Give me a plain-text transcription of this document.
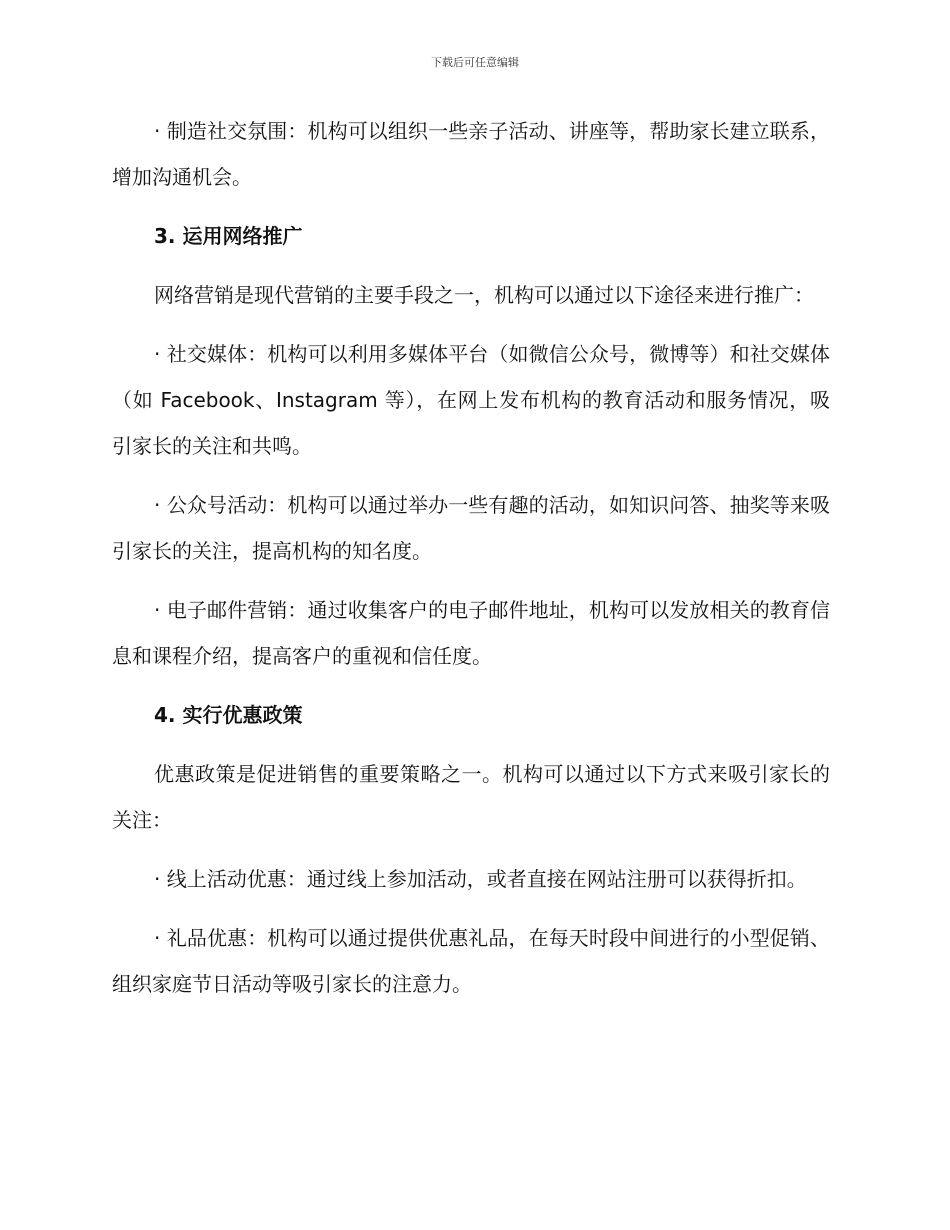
下载后可任意编辑

· 制造社交氛围：机构可以组织一些亲子活动、讲座等，帮助家长建立联系，增加沟通机会。

3. 运用网络推广

网络营销是现代营销的主要手段之一，机构可以通过以下途径来进行推广：

· 社交媒体：机构可以利用多媒体平台（如微信公众号，微博等）和社交媒体（如 Facebook、Instagram 等），在网上发布机构的教育活动和服务情况，吸引家长的关注和共鸣。

· 公众号活动：机构可以通过举办一些有趣的活动，如知识问答、抽奖等来吸引家长的关注，提高机构的知名度。

· 电子邮件营销：通过收集客户的电子邮件地址，机构可以发放相关的教育信息和课程介绍，提高客户的重视和信任度。

4. 实行优惠政策

优惠政策是促进销售的重要策略之一。机构可以通过以下方式来吸引家长的关注：

· 线上活动优惠：通过线上参加活动，或者直接在网站注册可以获得折扣。

· 礼品优惠：机构可以通过提供优惠礼品，在每天时段中间进行的小型促销、组织家庭节日活动等吸引家长的注意力。
